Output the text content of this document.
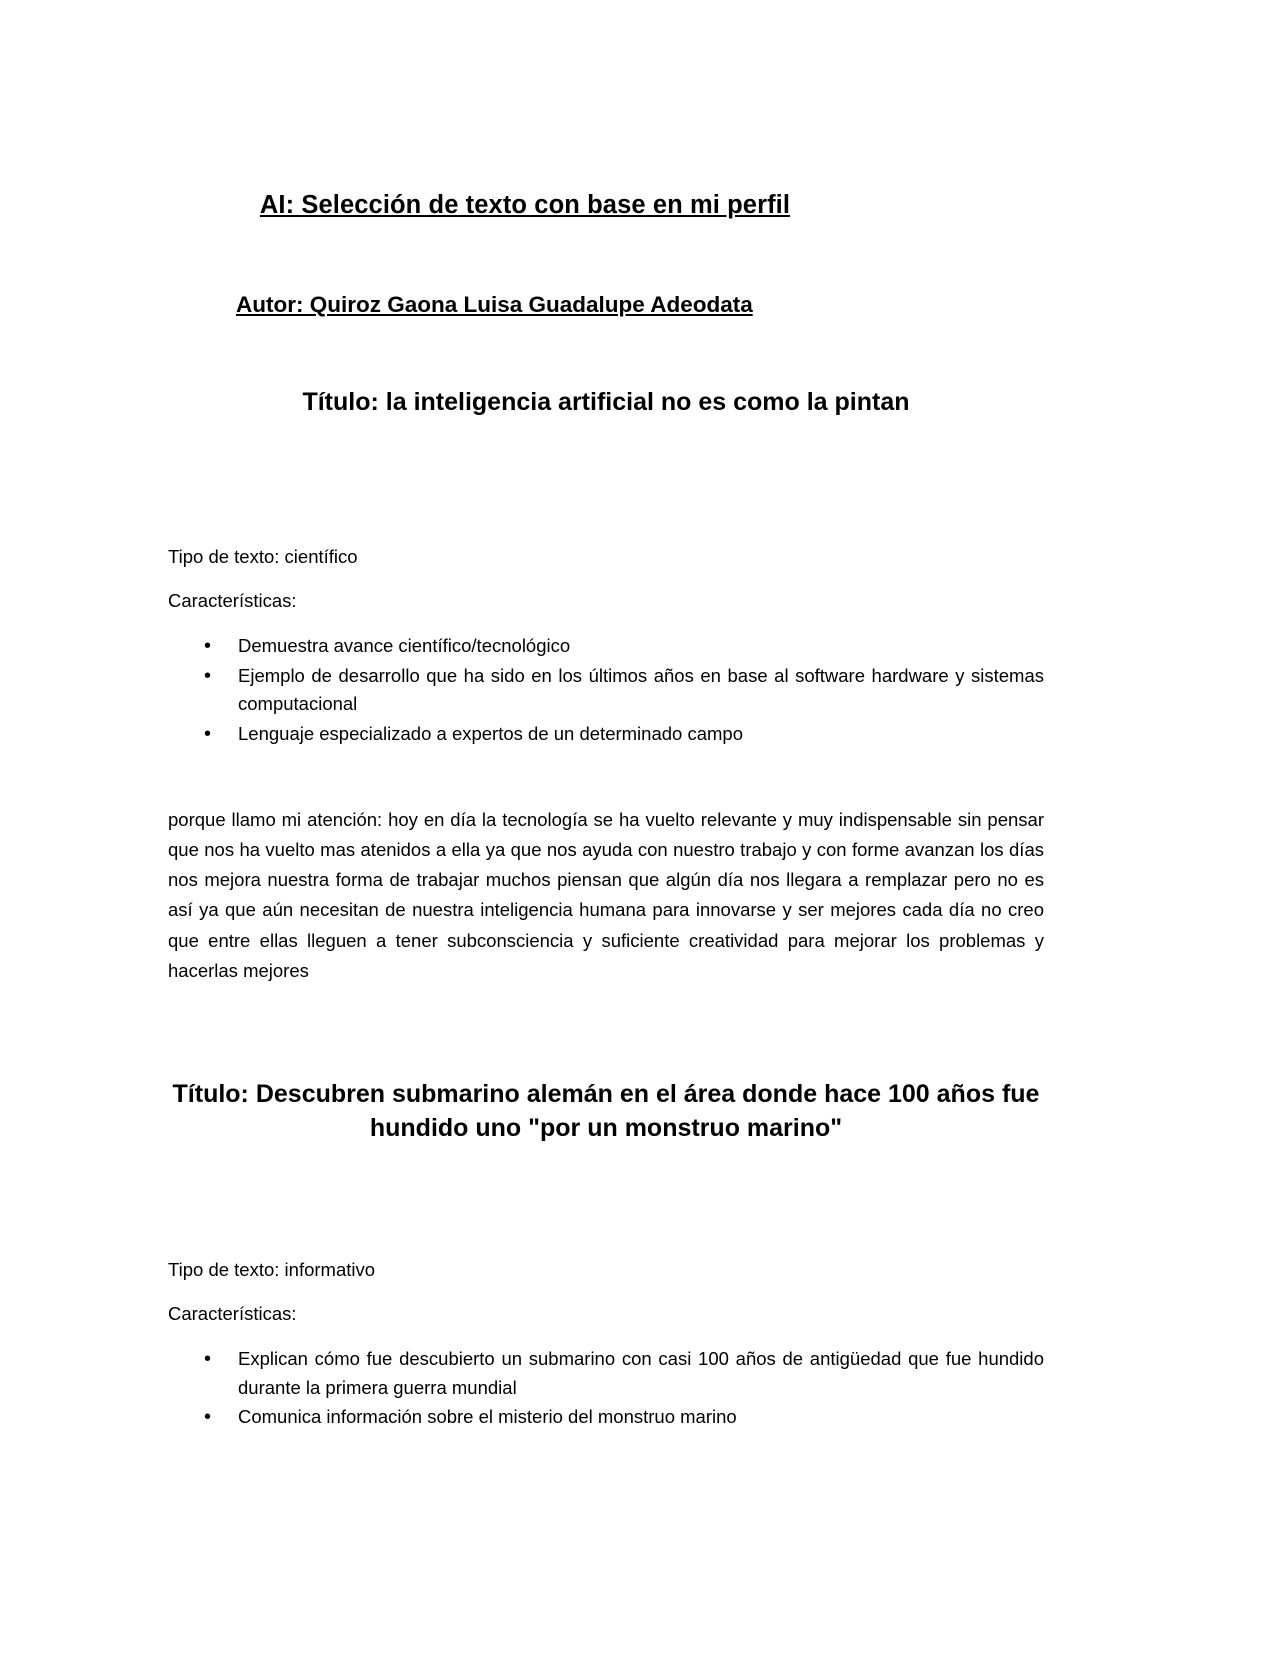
AI: Selección de texto con base en mi perfil
Autor: Quiroz Gaona Luisa Guadalupe Adeodata
Título: la inteligencia artificial no es como la pintan
Tipo de texto: científico
Características:
• Demuestra avance científico/tecnológico
• Ejemplo de desarrollo que ha sido en los últimos años en base al software hardware y sistemas computacional
• Lenguaje especializado a expertos de un determinado campo
porque llamo mi atención: hoy en día la tecnología se ha vuelto relevante y muy indispensable sin pensar que nos ha vuelto mas atenidos a ella ya que nos ayuda con nuestro trabajo y con forme avanzan los días nos mejora nuestra forma de trabajar muchos piensan que algún día nos llegara a remplazar pero no es así ya que aún necesitan de nuestra inteligencia humana para innovarse y ser mejores cada día no creo que entre ellas lleguen a tener subconsciencia y suficiente creatividad para mejorar los problemas y hacerlas mejores
Título: Descubren submarino alemán en el área donde hace 100 años fue hundido uno "por un monstruo marino"
Tipo de texto: informativo
Características:
• Explican cómo fue descubierto un submarino con casi 100 años de antigüedad que fue hundido durante la primera guerra mundial
• Comunica información sobre el misterio del monstruo marino
